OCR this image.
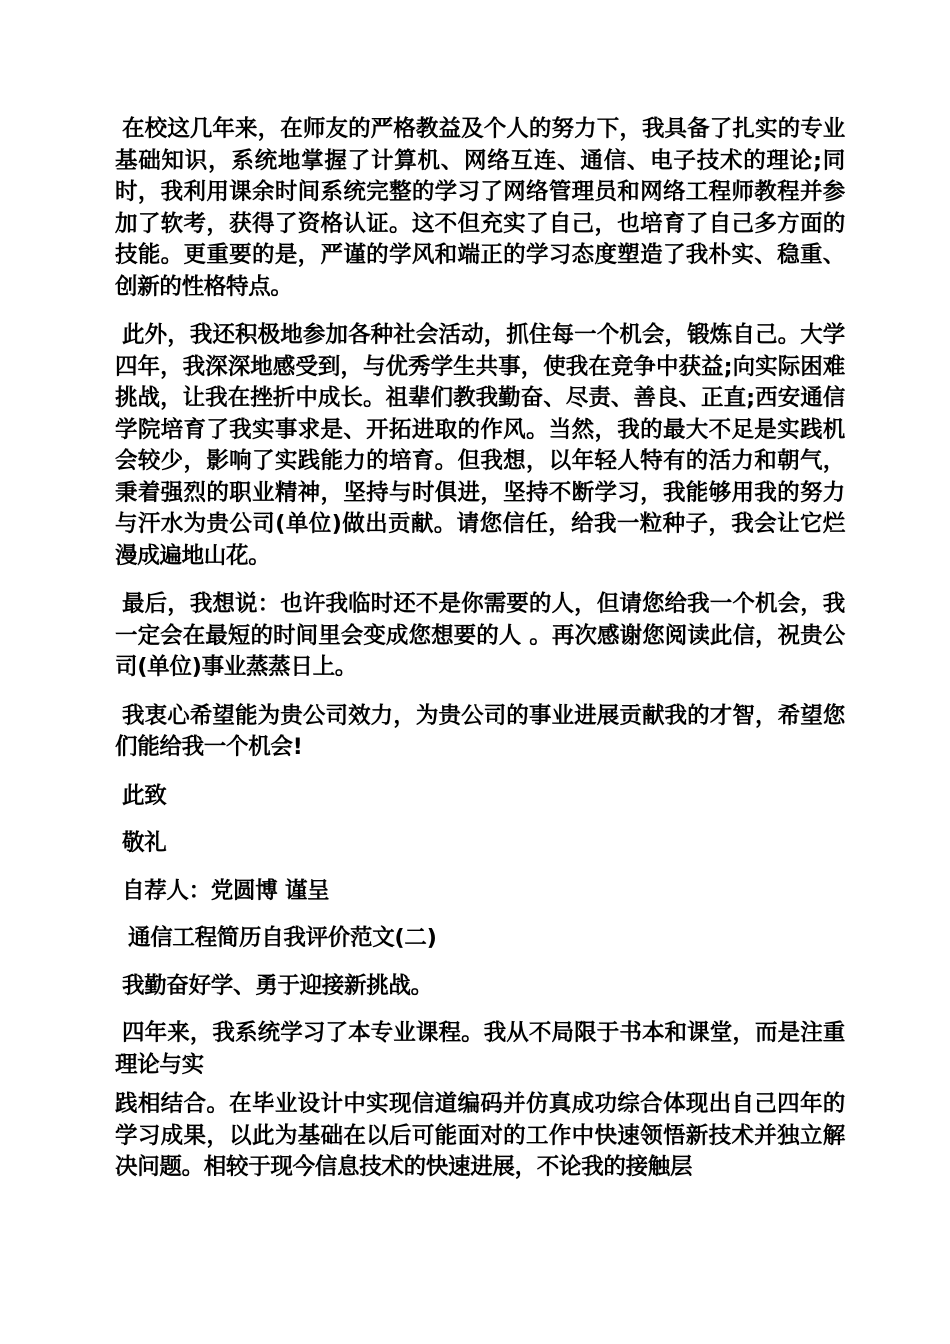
在校这几年来，在师友的严格教益及个人的努力下，我具备了扎实的专业基础知识，系统地掌握了计算机、网络互连、通信、电子技术的理论;同时，我利用课余时间系统完整的学习了网络管理员和网络工程师教程并参加了软考，获得了资格认证。这不但充实了自己，也培育了自己多方面的技能。更重要的是，严谨的学风和端正的学习态度塑造了我朴实、稳重、创新的性格特点。

此外，我还积极地参加各种社会活动，抓住每一个机会，锻炼自己。大学四年，我深深地感受到，与优秀学生共事，使我在竞争中获益;向实际困难挑战，让我在挫折中成长。祖辈们教我勤奋、尽责、善良、正直;西安通信学院培育了我实事求是、开拓进取的作风。当然，我的最大不足是实践机会较少，影响了实践能力的培育。但我想，以年轻人特有的活力和朝气，秉着强烈的职业精神，坚持与时俱进，坚持不断学习，我能够用我的努力与汗水为贵公司(单位)做出贡献。请您信任，给我一粒种子，我会让它烂漫成遍地山花。

最后，我想说：也许我临时还不是你需要的人，但请您给我一个机会，我一定会在最短的时间里会变成您想要的人 。再次感谢您阅读此信，祝贵公司(单位)事业蒸蒸日上。

我衷心希望能为贵公司效力，为贵公司的事业进展贡献我的才智，希望您们能给我一个机会!

此致

敬礼

自荐人：党圆博 谨呈

通信工程简历自我评价范文(二)

我勤奋好学、勇于迎接新挑战。

四年来，我系统学习了本专业课程。我从不局限于书本和课堂，而是注重理论与实

践相结合。在毕业设计中实现信道编码并仿真成功综合体现出自己四年的学习成果，以此为基础在以后可能面对的工作中快速领悟新技术并独立解决问题。相较于现今信息技术的快速进展，不论我的接触层
